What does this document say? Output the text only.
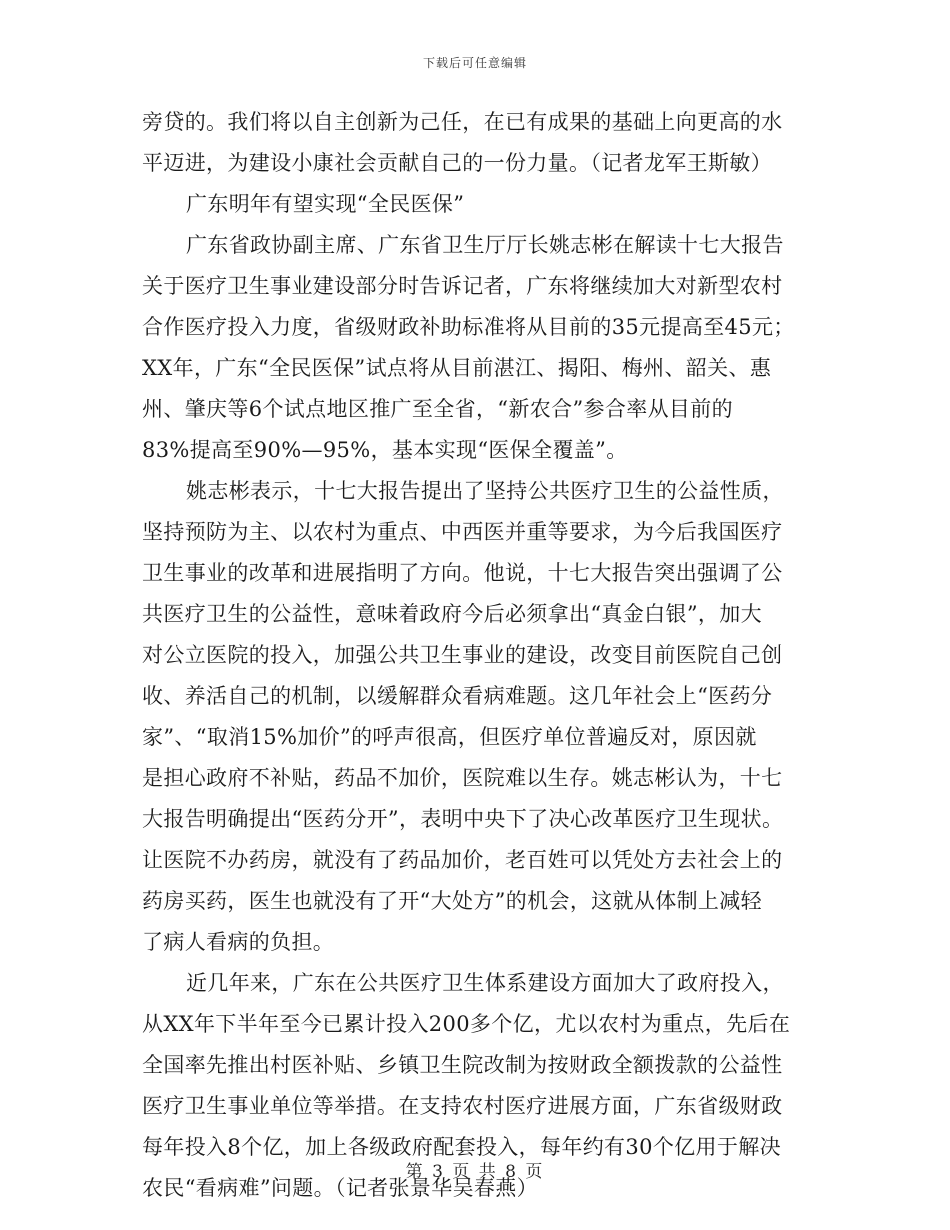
下载后可任意编辑
旁贷的。我们将以自主创新为己任，在已有成果的基础上向更高的水
平迈进，为建设小康社会贡献自己的一份力量。（记者龙军王斯敏）
广东明年有望实现“全民医保”
广东省政协副主席、广东省卫生厅厅长姚志彬在解读十七大报告
关于医疗卫生事业建设部分时告诉记者，广东将继续加大对新型农村
合作医疗投入力度，省级财政补助标准将从目前的35元提高至45元；
XX年，广东“全民医保”试点将从目前湛江、揭阳、梅州、韶关、惠
州、肇庆等6个试点地区推广至全省，“新农合”参合率从目前的
83%提高至90%—95%，基本实现“医保全覆盖”。
姚志彬表示，十七大报告提出了坚持公共医疗卫生的公益性质，
坚持预防为主、以农村为重点、中西医并重等要求，为今后我国医疗
卫生事业的改革和进展指明了方向。他说，十七大报告突出强调了公
共医疗卫生的公益性，意味着政府今后必须拿出“真金白银”，加大
对公立医院的投入，加强公共卫生事业的建设，改变目前医院自己创
收、养活自己的机制，以缓解群众看病难题。这几年社会上“医药分
家”、“取消15%加价”的呼声很高，但医疗单位普遍反对，原因就
是担心政府不补贴，药品不加价，医院难以生存。姚志彬认为，十七
大报告明确提出“医药分开”，表明中央下了决心改革医疗卫生现状。
让医院不办药房，就没有了药品加价，老百姓可以凭处方去社会上的
药房买药，医生也就没有了开“大处方”的机会，这就从体制上减轻
了病人看病的负担。
近几年来，广东在公共医疗卫生体系建设方面加大了政府投入，
从XX年下半年至今已累计投入200多个亿，尤以农村为重点，先后在
全国率先推出村医补贴、乡镇卫生院改制为按财政全额拨款的公益性
医疗卫生事业单位等举措。在支持农村医疗进展方面，广东省级财政
每年投入8个亿，加上各级政府配套投入，每年约有30个亿用于解决
农民“看病难”问题。（记者张景华吴春燕）
第 3 页 共 8 页
